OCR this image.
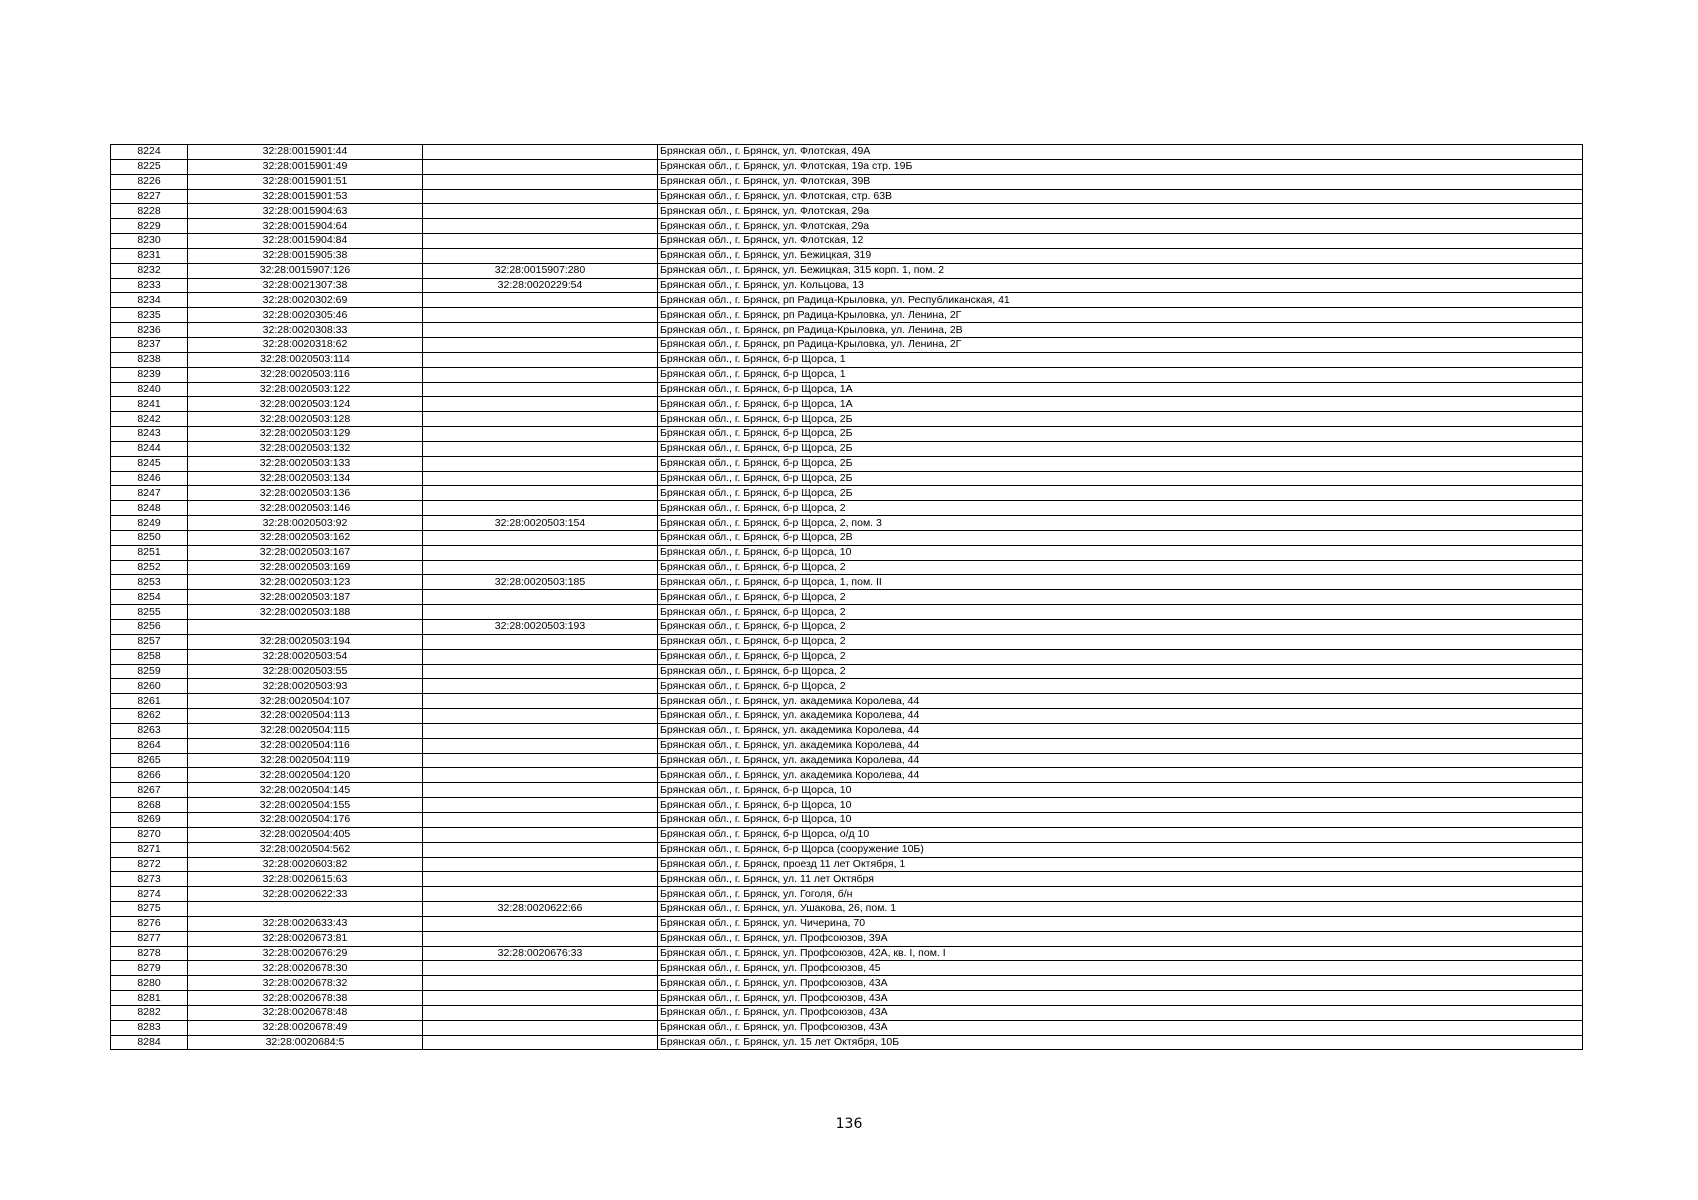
8224	32:28:0015901:44		Брянская обл., г. Брянск, ул. Флотская, 49А
8225	32:28:0015901:49		Брянская обл., г. Брянск, ул. Флотская, 19а стр. 19Б
8226	32:28:0015901:51		Брянская обл., г. Брянск, ул. Флотская, 39В
8227	32:28:0015901:53		Брянская обл., г. Брянск, ул. Флотская, стр. 63В
8228	32:28:0015904:63		Брянская обл., г. Брянск, ул. Флотская, 29а
8229	32:28:0015904:64		Брянская обл., г. Брянск, ул. Флотская, 29а
8230	32:28:0015904:84		Брянская обл., г. Брянск, ул. Флотская, 12
8231	32:28:0015905:38		Брянская обл., г. Брянск, ул. Бежицкая, 319
8232	32:28:0015907:126	32:28:0015907:280	Брянская обл., г. Брянск, ул. Бежицкая, 315 корп. 1, пом. 2
8233	32:28:0021307:38	32:28:0020229:54	Брянская обл., г. Брянск, ул. Кольцова, 13
8234	32:28:0020302:69		Брянская обл., г. Брянск, рп Радица-Крыловка, ул. Республиканская, 41
8235	32:28:0020305:46		Брянская обл., г. Брянск, рп Радица-Крыловка, ул. Ленина, 2Г
8236	32:28:0020308:33		Брянская обл., г. Брянск, рп Радица-Крыловка, ул. Ленина, 2В
8237	32:28:0020318:62		Брянская обл., г. Брянск, рп Радица-Крыловка, ул. Ленина, 2Г
8238	32:28:0020503:114		Брянская обл., г. Брянск, б-р Щорса, 1
8239	32:28:0020503:116		Брянская обл., г. Брянск, б-р Щорса, 1
8240	32:28:0020503:122		Брянская обл., г. Брянск, б-р Щорса, 1А
8241	32:28:0020503:124		Брянская обл., г. Брянск, б-р Щорса, 1А
8242	32:28:0020503:128		Брянская обл., г. Брянск, б-р Щорса, 2Б
8243	32:28:0020503:129		Брянская обл., г. Брянск, б-р Щорса, 2Б
8244	32:28:0020503:132		Брянская обл., г. Брянск, б-р Щорса, 2Б
8245	32:28:0020503:133		Брянская обл., г. Брянск, б-р Щорса, 2Б
8246	32:28:0020503:134		Брянская обл., г. Брянск, б-р Щорса, 2Б
8247	32:28:0020503:136		Брянская обл., г. Брянск, б-р Щорса, 2Б
8248	32:28:0020503:146		Брянская обл., г. Брянск, б-р Щорса, 2
8249	32:28:0020503:92	32:28:0020503:154	Брянская обл., г. Брянск, б-р Щорса, 2, пом. 3
8250	32:28:0020503:162		Брянская обл., г. Брянск, б-р Щорса, 2В
8251	32:28:0020503:167		Брянская обл., г. Брянск, б-р Щорса, 10
8252	32:28:0020503:169		Брянская обл., г. Брянск, б-р Щорса, 2
8253	32:28:0020503:123	32:28:0020503:185	Брянская обл., г. Брянск, б-р Щорса, 1, пом. II
8254	32:28:0020503:187		Брянская обл., г. Брянск, б-р Щорса, 2
8255	32:28:0020503:188		Брянская обл., г. Брянск, б-р Щорса, 2
8256		32:28:0020503:193	Брянская обл., г. Брянск, б-р Щорса, 2
8257	32:28:0020503:194		Брянская обл., г. Брянск, б-р Щорса, 2
8258	32:28:0020503:54		Брянская обл., г. Брянск, б-р Щорса, 2
8259	32:28:0020503:55		Брянская обл., г. Брянск, б-р Щорса, 2
8260	32:28:0020503:93		Брянская обл., г. Брянск, б-р Щорса, 2
8261	32:28:0020504:107		Брянская обл., г. Брянск, ул. академика Королева, 44
8262	32:28:0020504:113		Брянская обл., г. Брянск, ул. академика Королева, 44
8263	32:28:0020504:115		Брянская обл., г. Брянск, ул. академика Королева, 44
8264	32:28:0020504:116		Брянская обл., г. Брянск, ул. академика Королева, 44
8265	32:28:0020504:119		Брянская обл., г. Брянск, ул. академика Королева, 44
8266	32:28:0020504:120		Брянская обл., г. Брянск, ул. академика Королева, 44
8267	32:28:0020504:145		Брянская обл., г. Брянск, б-р Щорса, 10
8268	32:28:0020504:155		Брянская обл., г. Брянск, б-р Щорса, 10
8269	32:28:0020504:176		Брянская обл., г. Брянск, б-р Щорса, 10
8270	32:28:0020504:405		Брянская обл., г. Брянск, б-р Щорса, о/д 10
8271	32:28:0020504:562		Брянская обл., г. Брянск, б-р Щорса (сооружение 10Б)
8272	32:28:0020603:82		Брянская обл., г. Брянск, проезд 11 лет Октября, 1
8273	32:28:0020615:63		Брянская обл., г. Брянск, ул. 11 лет Октября
8274	32:28:0020622:33		Брянская обл., г. Брянск, ул. Гоголя, б/н
8275		32:28:0020622:66	Брянская обл., г. Брянск, ул. Ушакова, 26, пом. 1
8276	32:28:0020633:43		Брянская обл., г. Брянск, ул. Чичерина, 70
8277	32:28:0020673:81		Брянская обл., г. Брянск, ул. Профсоюзов, 39А
8278	32:28:0020676:29	32:28:0020676:33	Брянская обл., г. Брянск, ул. Профсоюзов, 42А, кв. I, пом. I
8279	32:28:0020678:30		Брянская обл., г. Брянск, ул. Профсоюзов, 45
8280	32:28:0020678:32		Брянская обл., г. Брянск, ул. Профсоюзов, 43А
8281	32:28:0020678:38		Брянская обл., г. Брянск, ул. Профсоюзов, 43А
8282	32:28:0020678:48		Брянская обл., г. Брянск, ул. Профсоюзов, 43А
8283	32:28:0020678:49		Брянская обл., г. Брянск, ул. Профсоюзов, 43А
8284	32:28:0020684:5		Брянская обл., г. Брянск, ул. 15 лет Октября, 10Б
136
